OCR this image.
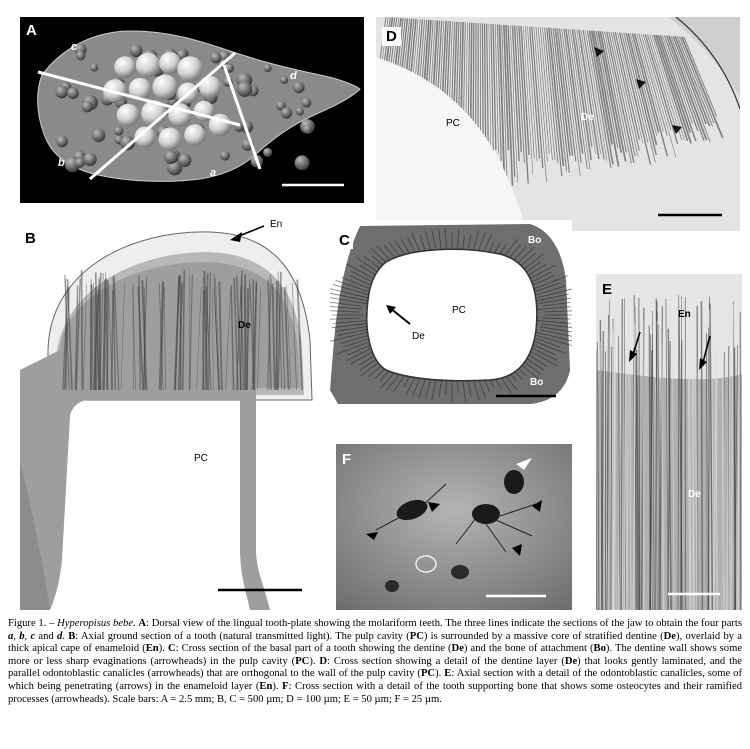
A
c
b
a
d
D
PC
De
B
En
De
PC
C	Bo
PC
De
Bo
E
En
De
F
Figure 1. – Hyperopisus bebe. A: Dorsal view of the lingual tooth-plate showing the molariform teeth. The three lines indicate the sections of the jaw to obtain the four parts a, b, c and d. B: Axial ground section of a tooth (natural transmitted light). The pulp cavity (PC) is surrounded by a massive core of stratified dentine (De), overlaid by a thick apical cape of enameloid (En). C: Cross section of the basal part of a tooth showing the dentine (De) and the bone of attachment (Bo). The dentine wall shows some more or less sharp evaginations (arrowheads) in the pulp cavity (PC). D: Cross section showing a detail of the dentine layer (De) that looks gently laminated, and the parallel odontoblastic canalicles (arrowheads) that are orthogonal to the wall of the pulp cavity (PC). E: Axial section with a detail of the odontoblastic canalicles, some of which being penetrating (arrows) in the enameloid layer (En). F: Cross section with a detail of the tooth supporting bone that shows some osteocytes and their ramified processes (arrowheads). Scale bars: A = 2.5 mm; B, C = 500 µm; D = 100 µm; E = 50 µm; F = 25 µm.
